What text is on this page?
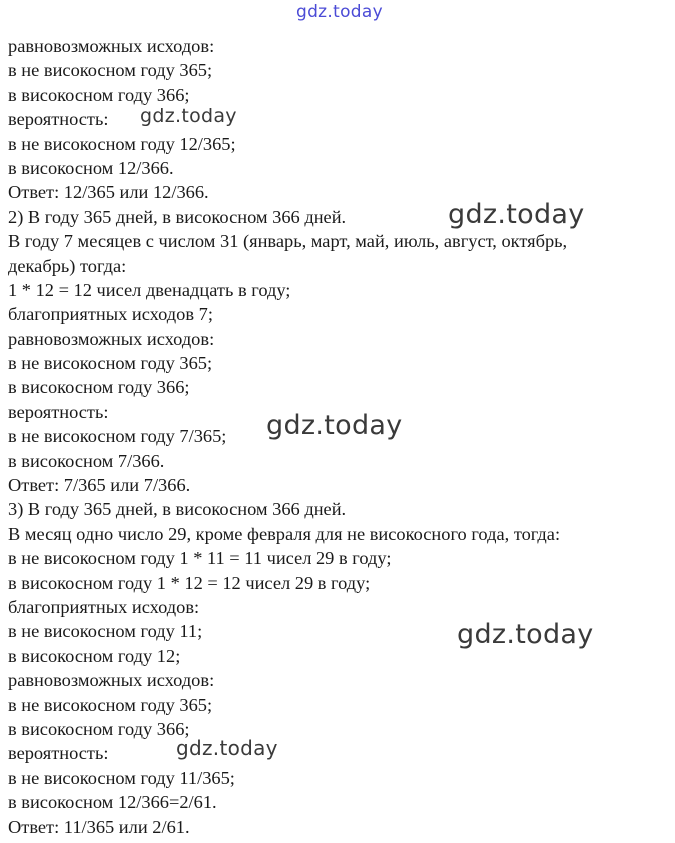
gdz.today
равновозможных исходов:
в не високосном году 365;
в високосном году 366;
вероятность:
в не високосном году 12/365;
в високосном 12/366.
Ответ: 12/365 или 12/366.
2) В году 365 дней, в високосном 366 дней.
В году 7 месяцев с числом 31 (январь, март, май, июль, август, октябрь,
декабрь) тогда:
1 * 12 = 12 чисел двенадцать в году;
благоприятных исходов 7;
равновозможных исходов:
в не високосном году 365;
в високосном году 366;
вероятность:
в не високосном году 7/365;
в високосном 7/366.
Ответ: 7/365 или 7/366.
3) В году 365 дней, в високосном 366 дней.
В месяц одно число 29, кроме февраля для не високосного года, тогда:
в не високосном году 1 * 11 = 11 чисел 29 в году;
в високосном году 1 * 12 = 12 чисел 29 в году;
благоприятных исходов:
в не високосном году 11;
в високосном году 12;
равновозможных исходов:
в не високосном году 365;
в високосном году 366;
вероятность:
в не високосном году 11/365;
в високосном 12/366=2/61.
Ответ: 11/365 или 2/61.
gdz.today
gdz.today
gdz.today
gdz.today
gdz.today
